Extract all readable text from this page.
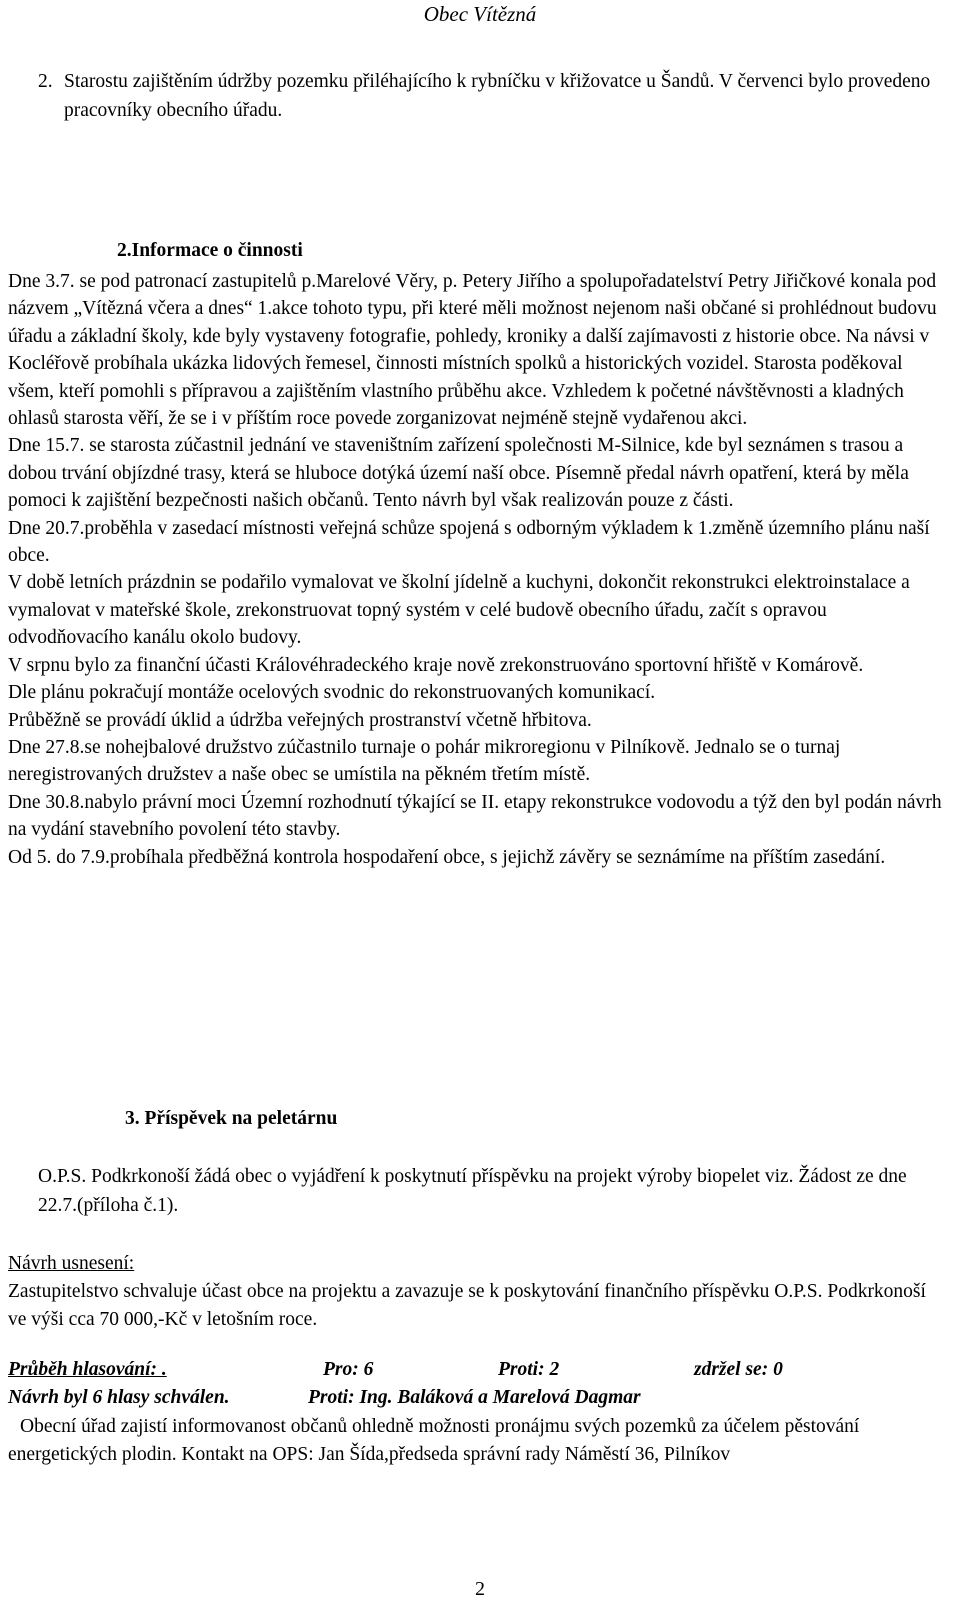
Obec Vítězná
2. Starostu zajištěním údržby pozemku přiléhajícího k rybníčku v křižovatce u Šandů. V červenci bylo provedeno pracovníky obecního úřadu.
2.Informace o činnosti

Dne 3.7. se pod patronací zastupitelů p.Marelové Věry, p. Petery Jiřího a spolupořadatelství Petry Jiřičkové konala pod názvem „Vítězná včera a dnes“ 1.akce tohoto typu, při které měli možnost nejenom naši občané si prohlédnout budovu úřadu a základní školy, kde byly vystaveny fotografie, pohledy, kroniky a další zajímavosti z historie obce. Na návsi v Kocléřově probíhala ukázka lidových řemesel, činnosti místních spolků a historických vozidel. Starosta poděkoval všem, kteří pomohli s přípravou a zajištěním vlastního průběhu akce. Vzhledem k početné návštěvnosti a kladných ohlasů starosta věří, že se i v příštím roce povede zorganizovat nejméně stejně vydařenou akci.

Dne 15.7. se starosta zúčastnil jednání ve staveništním zařízení společnosti M-Silnice, kde byl seznámen s trasou a dobou trvání objízdné trasy, která se hluboce dotýká území naší obce. Písemně předal návrh opatření, která by měla pomoci k zajištění bezpečnosti našich občanů. Tento návrh byl však realizován pouze z části.

Dne 20.7.proběhla v zasedací místnosti veřejná schůze spojená s odborným výkladem k 1.změně územního plánu naší obce.

V době letních prázdnin se podařilo vymalovat ve školní jídelně a kuchyni, dokončit rekonstrukci elektroinstalace a vymalovat v mateřské škole, zrekonstruovat topný systém v celé budově obecního úřadu, začít s opravou odvodňovacího kanálu okolo budovy.

V srpnu bylo za finanční účasti Královéhradeckého kraje nově zrekonstruováno sportovní hřiště v Komárově.

Dle plánu pokračují montáže ocelových svodnic do rekonstruovaných komunikací.

Průběžně se provádí úklid a údržba veřejných prostranství včetně hřbitova.

Dne 27.8.se nohejbalové družstvo zúčastnilo turnaje o pohár mikroregionu v Pilníkově. Jednalo se o turnaj neregistrovaných družstev a naše obec se umístila na pěkném třetím místě.

Dne 30.8.nabylo právní moci Územní rozhodnutí týkající se II. etapy rekonstrukce vodovodu a týž den byl podán návrh na vydání stavebního povolení této stavby.

Od 5. do 7.9.probíhala předběžná kontrola hospodaření obce, s jejichž závěry se seznámíme na příštím zasedání.

3. Příspěvek na peletárnu
O.P.S. Podkrkonoší žádá obec o vyjádření k poskytnutí příspěvku na projekt výroby biopelet viz. Žádost ze dne 22.7.(příloha č.1).

Návrh usnesení:

Zastupitelstvo schvaluje účast obce na projektu a zavazuje se k poskytování finančního příspěvku O.P.S. Podkrkonoší ve výši cca 70 000,-Kč v letošním roce.

Průběh hlasování: .	Pro: 6	Proti: 2	zdržel se: 0
Návrh byl 6 hlasy schválen.	Proti: Ing. Baláková a Marelová Dagmar
Obecní úřad zajistí informovanost občanů ohledně možnosti pronájmu svých pozemků za účelem pěstování energetických plodin. Kontakt na OPS: Jan Šída,předseda správní rady Náměstí 36, Pilníkov
2
